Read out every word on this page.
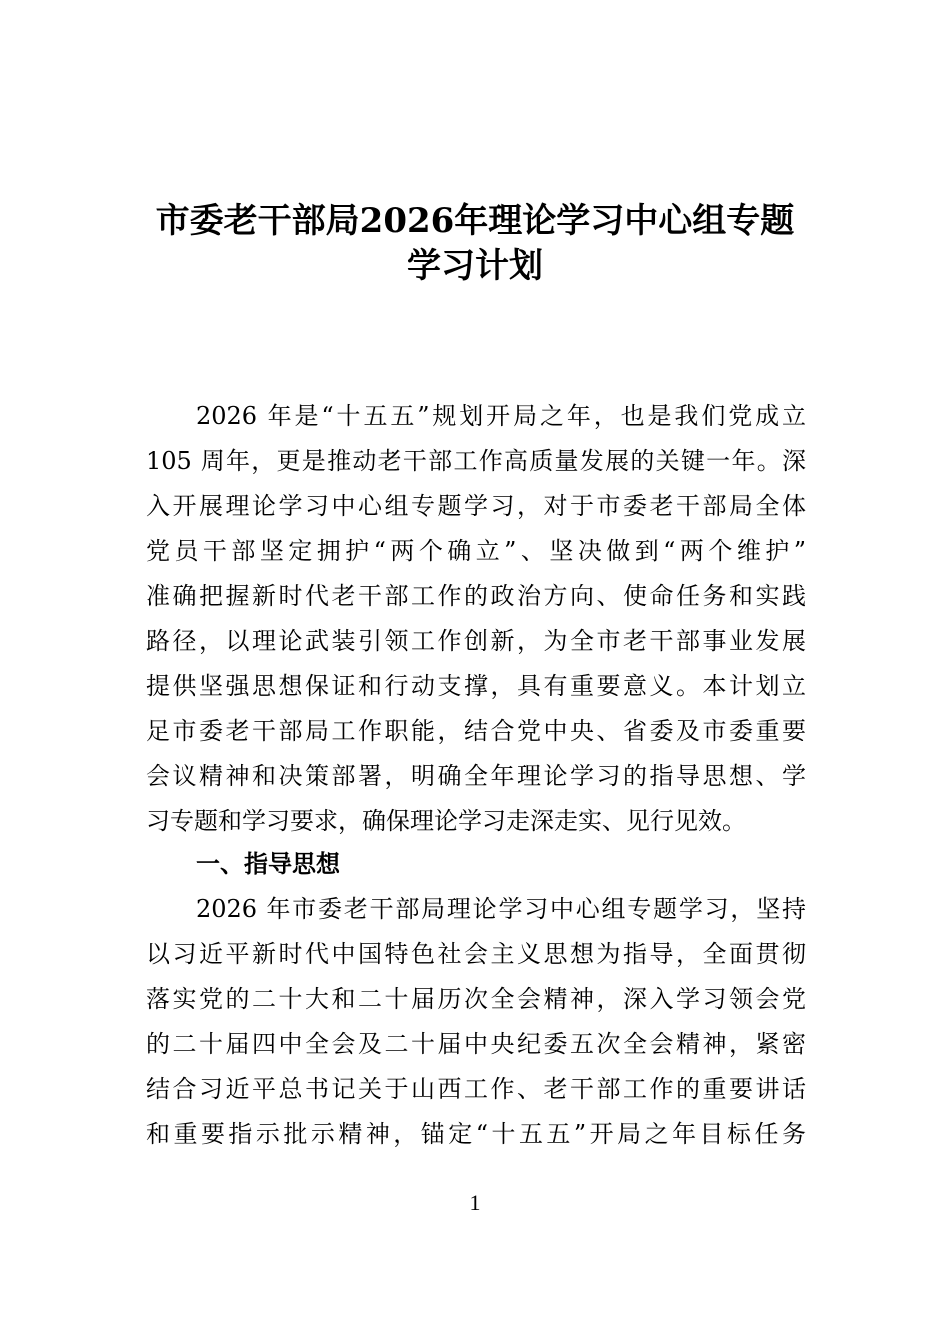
市委老干部局2026年理论学习中心组专题
学习计划
2026 年是“十五五”规划开局之年，也是我们党成立
105 周年，更是推动老干部工作高质量发展的关键一年。深
入开展理论学习中心组专题学习，对于市委老干部局全体
党员干部坚定拥护“两个确立”、坚决做到“两个维护”
准确把握新时代老干部工作的政治方向、使命任务和实践
路径，以理论武装引领工作创新，为全市老干部事业发展
提供坚强思想保证和行动支撑，具有重要意义。本计划立
足市委老干部局工作职能，结合党中央、省委及市委重要
会议精神和决策部署，明确全年理论学习的指导思想、学
习专题和学习要求，确保理论学习走深走实、见行见效。
一、指导思想
2026 年市委老干部局理论学习中心组专题学习，坚持
以习近平新时代中国特色社会主义思想为指导，全面贯彻
落实党的二十大和二十届历次全会精神，深入学习领会党
的二十届四中全会及二十届中央纪委五次全会精神，紧密
结合习近平总书记关于山西工作、老干部工作的重要讲话
和重要指示批示精神，锚定“十五五”开局之年目标任务
1
